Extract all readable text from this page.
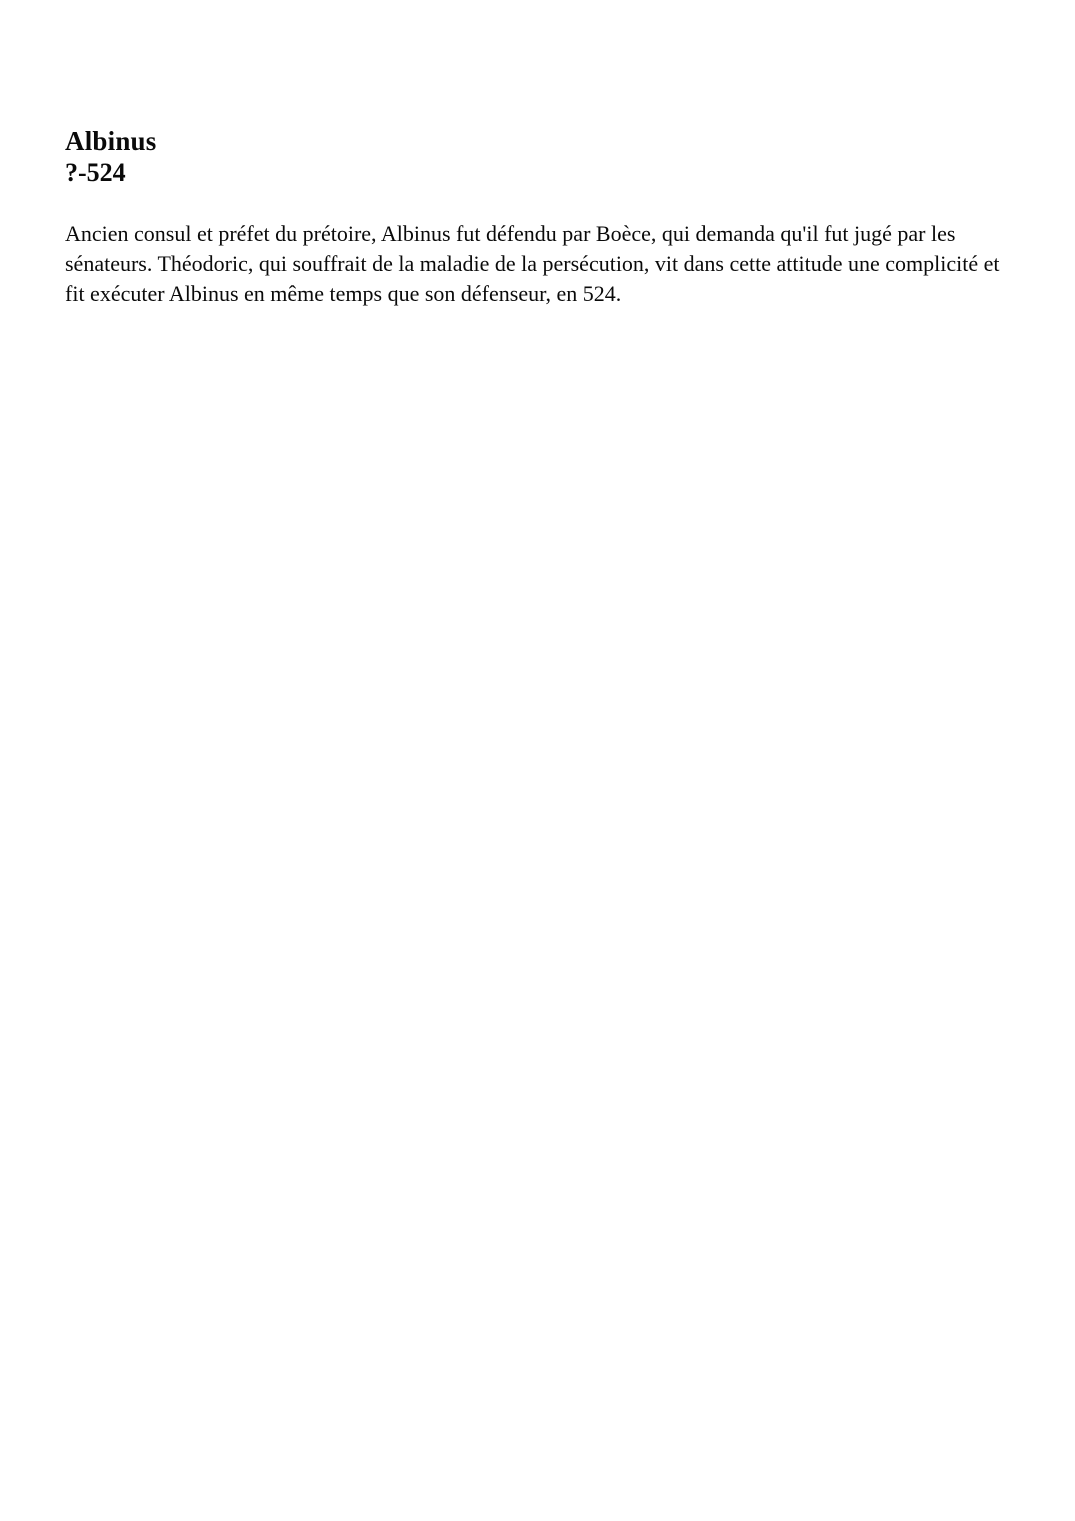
Albinus
?-524

Ancien consul et préfet du prétoire, Albinus fut défendu par Boèce, qui demanda qu'il fut jugé par les sénateurs. Théodoric, qui souffrait de la maladie de la persécution, vit dans cette attitude une complicité et fit exécuter Albinus en même temps que son défenseur, en 524.
